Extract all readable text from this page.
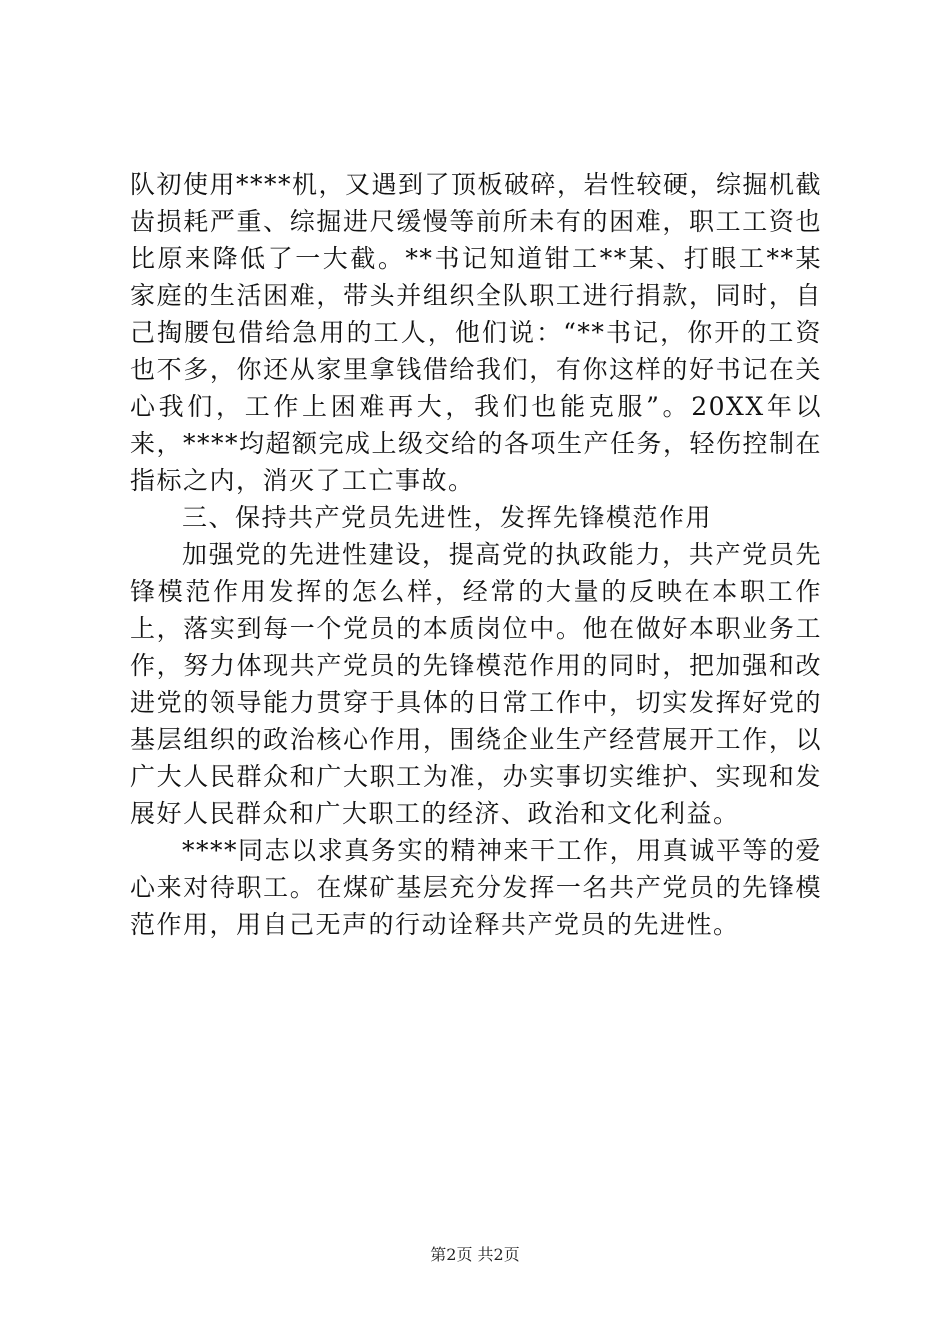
队初使用****机，又遇到了顶板破碎，岩性较硬，综掘机截齿损耗严重、综掘进尺缓慢等前所未有的困难，职工工资也比原来降低了一大截。**书记知道钳工**某、打眼工**某家庭的生活困难，带头并组织全队职工进行捐款，同时，自己掏腰包借给急用的工人，他们说：“**书记，你开的工资也不多，你还从家里拿钱借给我们，有你这样的好书记在关心我们，工作上困难再大，我们也能克服”。20XX年以来，****均超额完成上级交给的各项生产任务，轻伤控制在指标之内，消灭了工亡事故。

三、保持共产党员先进性，发挥先锋模范作用

加强党的先进性建设，提高党的执政能力，共产党员先锋模范作用发挥的怎么样，经常的大量的反映在本职工作上，落实到每一个党员的本质岗位中。他在做好本职业务工作，努力体现共产党员的先锋模范作用的同时，把加强和改进党的领导能力贯穿于具体的日常工作中，切实发挥好党的基层组织的政治核心作用，围绕企业生产经营展开工作，以广大人民群众和广大职工为准，办实事切实维护、实现和发展好人民群众和广大职工的经济、政治和文化利益。

****同志以求真务实的精神来干工作，用真诚平等的爱心来对待职工。在煤矿基层充分发挥一名共产党员的先锋模范作用，用自己无声的行动诠释共产党员的先进性。

第2页 共2页
